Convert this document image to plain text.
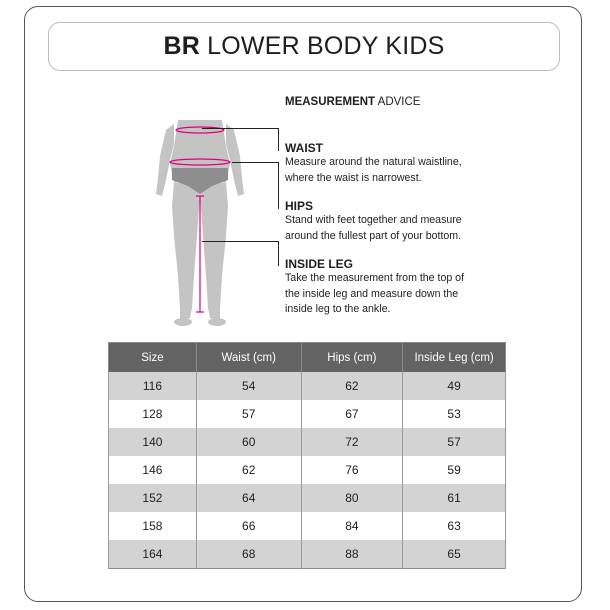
BR LOWER BODY KIDS

MEASUREMENT ADVICE

WAIST

Measure around the natural waistline,

where the waist is narrowest.

HIPS

Stand with feet together and measure

around the fullest part of your bottom.

INSIDE LEG

Take the measurement from the top of

the inside leg and measure down the

inside leg to the ankle.

Size	Waist (cm)	Hips (cm)	Inside Leg (cm)
116	54	62	49
128	57	67	53
140	60	72	57
146	62	76	59
152	64	80	61
158	66	84	63
164	68	88	65
